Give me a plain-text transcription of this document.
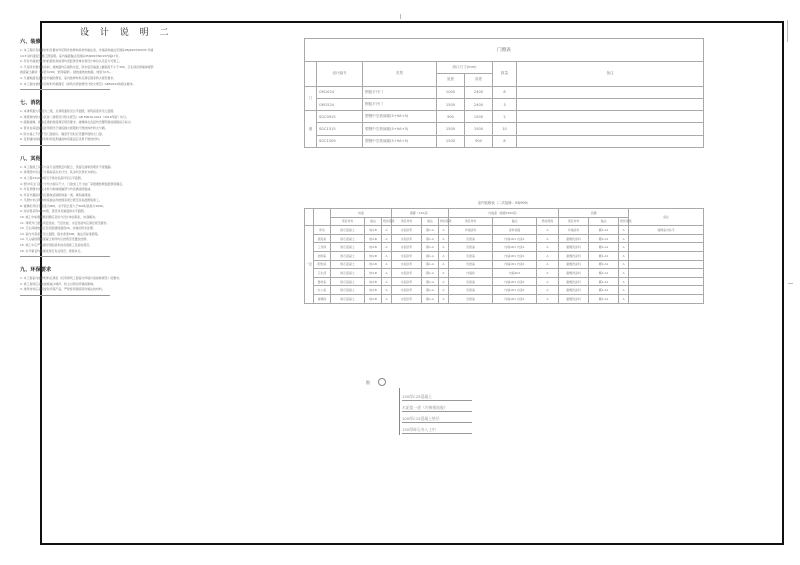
设 计 说 明 二
六、装修
1. 本工程所有墙面材料及要求详见附件装修构造材料做法表，外墙涂料做法见国标05J909中WQ35 外墙
14 P 涂料面层见施工图说明。室内墙面做法见国标05J909中NQ15内墙17页。
2. 所有外墙装饰材料的颜色和质感均需经建设单位和设计单位认可后方可施工。
3. 凡有防水要求的房间，楼地面均应做防水层，防水层沿墙面上翻高度不小于300，卫生间四周墙体根部
做混凝土翻边（高度为200，宽同墙厚）。楼地面坡向地漏，坡度为1%。
4. 凡楼地面有高差处均做防滑条，室内装修材料应满足国家防火规范要求。
5. 本工程内装修所有材料均须满足《建筑内部装修设计防火规范》GB50222的相关要求。
七、消防
1. 本建筑耐火等级为二级，总建筑面积见总平面图，建筑高度详见立面图。
2. 建筑物内防火分区按《建筑设计防火规范》GB 50016-2014（2018年版）执行。
3. 疏散楼梯、疏散走道的宽度满足规范要求，楼梯间在各层均设置明显的疏散指示标志。
4. 管井在每层楼板处用相当于楼板耐火极限的不燃烧体作防火分隔。
5. 防火墙上不得开设门窗洞口，确需开设时应设置甲级防火门窗。
6. 变形缝内的填充材料和变形缝的构造基层应采用不燃烧材料。
八、其他
1. 本工程施工时应与各专业图纸密切配合，预留孔洞和预埋件不得遗漏。
2. 建筑图中所注尺寸除标高以米计外，其余均以毫米为单位。
3. 本工程±0.000相当于绝对标高详见总平面图。
4. 图中所注门窗尺寸均为洞口尺寸，门窗加工尺寸由厂家根据装修面层厚度确定。
5. 所有预埋木砖及木材与砌体接触部分均需满涂防腐油。
6. 所有外露铁件均应除锈后刷防锈漆一道，调和漆两道。
7. 凡图中未注明的构造做法均按国家现行规范及标准图集施工。
8. 楼梯栏杆扶手高度为900，水平段长度大于500时高度为1050。
9. 雨水管采用UPVC管，管径详见屋面排水平面图。
10. 施工中如遇图纸问题应及时与设计单位联系，协商解决。
11. 建筑外门窗抗风压性能、气密性能、水密性能均应满足规范要求。
12. 卫生间楼地面应比同层楼地面低20，并做好防水处理。
13. 室内外高差详见立面图，散水宽度600，做法见标准图集。
14. 凡入墙的钢筋混凝土构件均应按规范设置拉结筋。
15. 施工中应严格遵守国家颁布的各项施工及验收规范。
16. 未尽事宜均按国家现行有关规范、规程执行。
九、环保要求
1. 本工程室内装修材料应满足《民用建筑工程室内环境污染控制规范》的要求。
2. 施工现场应采取措施减少噪声、粉尘对周边环境的影响。
3. 建筑材料应采用绿色环保产品，严禁使用国家明令淘汰的材料。
门窗表						
	设计编号	类型	洞口尺寸(mm)		数量	备注
			宽度	高度		
门	GM1024	钢板平开门	1000	2400	8	
	GM1524	钢板平开门	1500	2400	3	
窗	SGC0915	塑钢中空玻璃窗(5+9A+5)	900	1500	2	
	SGC1515	塑钢中空玻璃窗(5+9A+5)	1500	1500	10	
	SGC1509	塑钢中空玻璃窗(5+9A+5)	1500	900	8	
室内装修表（二次装修：05J909）
		地面			踢脚（120高）			内墙面（墙裙1500高）			顶棚			备注
		项目材料	做法	燃烧等级	项目材料	做法	燃烧等级	项目材料	做法	燃烧等级	项目材料	做法	燃烧等级	
一层	库房	细石混凝土	地4-B	A	水泥砂浆	踢1-A	A	外墙涂料	涂料饰面	A	外墙涂料	棚1-A1	A	楼梯室内扶手
	值班室	细石混凝土	地4-B	A	水泥砂浆	踢1-A	A	乳胶漆	内墙1D1 内涂1	A	耐擦洗涂料	棚1-A1	A	
	工作间	细石混凝土	地4-B	A	水泥砂浆	踢1-A	A	乳胶漆	内墙1D1 内涂1	A	耐擦洗涂料	棚1-A1	A	
	控制室	细石混凝土	地4-B	A	水泥砂浆	踢1-A	A	乳胶漆	内墙1D1 内涂1	A	耐擦洗涂料	棚1-A1	A	
	配电间	细石混凝土	地4-B	A	水泥砂浆	踢1-A	A	乳胶漆	内墙1D1 内涂1	A	耐擦洗涂料	棚1-A1	A	
	卫生间	细石混凝土	地4-B	A	水泥砂浆	踢1-A	A	内墙砖	内墙1D1	A	耐擦洗涂料	棚1-A1	A	
	器材室	细石混凝土	地4-B	A	水泥砂浆	踢1-A	A	乳胶漆	内墙1D1 内涂1	A	耐擦洗涂料	棚1-A1	A	
	办公室	细石混凝土	地4-B	A	水泥砂浆	踢1-A	A	乳胶漆	内墙1D1 内涂1	A	耐擦洗涂料	棚1-A1	A	
	楼梯间	细石混凝土	地4-B	A	水泥砂浆	踢1-A	A	乳胶漆	内墙1D1 内涂1	A	耐擦洗涂料	棚1-A1	A	
散
150厚C25混凝土
水泥浆一道（内掺建筑胶）
100厚C15混凝土垫层
150厚碎石夯入土中
